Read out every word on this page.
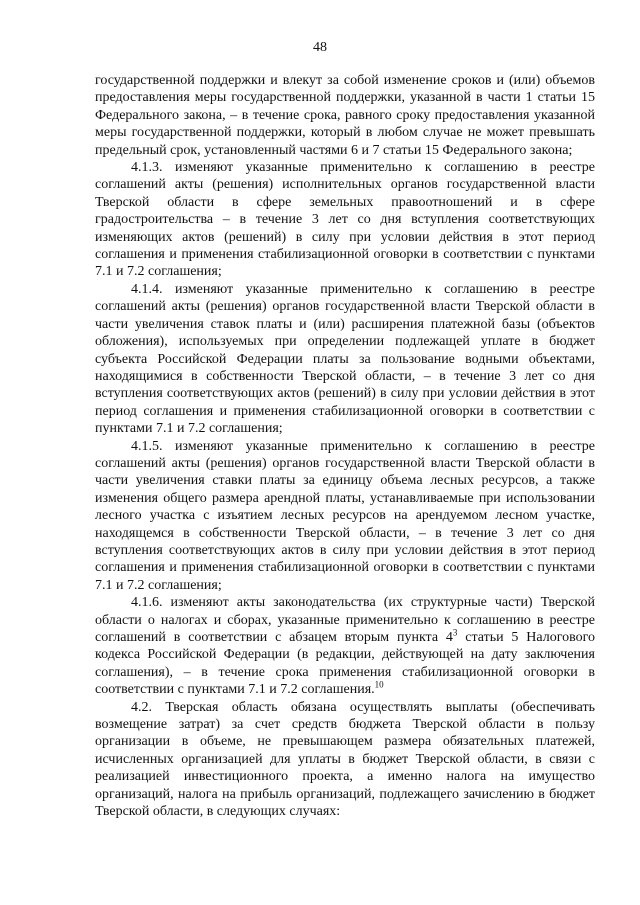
48

государственной поддержки и влекут за собой изменение сроков и (или) объемов предоставления меры государственной поддержки, указанной в части 1 статьи 15 Федерального закона, – в течение срока, равного сроку предоставления указанной меры государственной поддержки, который в любом случае не может превышать предельный срок, установленный частями 6 и 7 статьи 15 Федерального закона;

4.1.3. изменяют указанные применительно к соглашению в реестре соглашений акты (решения) исполнительных органов государственной власти Тверской области в сфере земельных правоотношений и в сфере градостроительства – в течение 3 лет со дня вступления соответствующих изменяющих актов (решений) в силу при условии действия в этот период соглашения и применения стабилизационной оговорки в соответствии с пунктами 7.1 и 7.2 соглашения;

4.1.4. изменяют указанные применительно к соглашению в реестре соглашений акты (решения) органов государственной власти Тверской области в части увеличения ставок платы и (или) расширения платежной базы (объектов обложения), используемых при определении подлежащей уплате в бюджет субъекта Российской Федерации платы за пользование водными объектами, находящимися в собственности Тверской области, – в течение 3 лет со дня вступления соответствующих актов (решений) в силу при условии действия в этот период соглашения и применения стабилизационной оговорки в соответствии с пунктами 7.1 и 7.2 соглашения;

4.1.5. изменяют указанные применительно к соглашению в реестре соглашений акты (решения) органов государственной власти Тверской области в части увеличения ставки платы за единицу объема лесных ресурсов, а также изменения общего размера арендной платы, устанавливаемые при использовании лесного участка с изъятием лесных ресурсов на арендуемом лесном участке, находящемся в собственности Тверской области, – в течение 3 лет со дня вступления соответствующих актов в силу при условии действия в этот период соглашения и применения стабилизационной оговорки в соответствии с пунктами 7.1 и 7.2 соглашения;

4.1.6. изменяют акты законодательства (их структурные части) Тверской области о налогах и сборах, указанные применительно к соглашению в реестре соглашений в соответствии с абзацем вторым пункта $4^3$ статьи 5 Налогового кодекса Российской Федерации (в редакции, действующей на дату заключения соглашения), – в течение срока применения стабилизационной оговорки в соответствии с пунктами 7.1 и 7.2 соглашения.$^{10}$

4.2. Тверская область обязана осуществлять выплаты (обеспечивать возмещение затрат) за счет средств бюджета Тверской области в пользу организации в объеме, не превышающем размера обязательных платежей, исчисленных организацией для уплаты в бюджет Тверской области, в связи с реализацией инвестиционного проекта, а именно налога на имущество организаций, налога на прибыль организаций, подлежащего зачислению в бюджет Тверской области, в следующих случаях:
